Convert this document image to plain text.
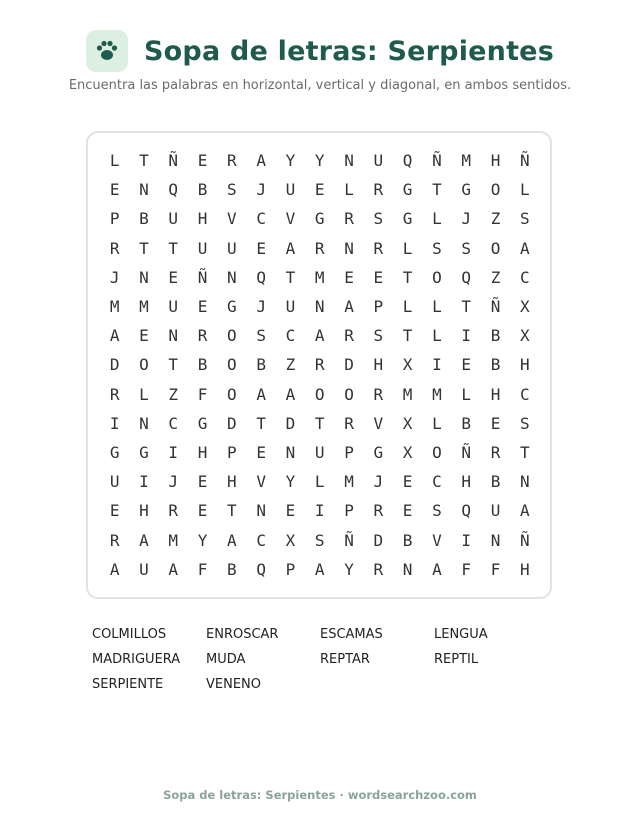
Sopa de letras: Serpientes
Encuentra las palabras en horizontal, vertical y diagonal, en ambos sentidos.
L	T	Ñ	E	R	A	Y	Y	N	U	Q	Ñ	M	H	Ñ
E	N	Q	B	S	J	U	E	L	R	G	T	G	O	L
P	B	U	H	V	C	V	G	R	S	G	L	J	Z	S
R	T	T	U	U	E	A	R	N	R	L	S	S	O	A
J	N	E	Ñ	N	Q	T	M	E	E	T	O	Q	Z	C
M	M	U	E	G	J	U	N	A	P	L	L	T	Ñ	X
A	E	N	R	O	S	C	A	R	S	T	L	I	B	X
D	O	T	B	O	B	Z	R	D	H	X	I	E	B	H
R	L	Z	F	O	A	A	O	O	R	M	M	L	H	C
I	N	C	G	D	T	D	T	R	V	X	L	B	E	S
G	G	I	H	P	E	N	U	P	G	X	O	Ñ	R	T
U	I	J	E	H	V	Y	L	M	J	E	C	H	B	N
E	H	R	E	T	N	E	I	P	R	E	S	Q	U	A
R	A	M	Y	A	C	X	S	Ñ	D	B	V	I	N	Ñ
A	U	A	F	B	Q	P	A	Y	R	N	A	F	F	H
COLMILLOS	ENROSCAR	ESCAMAS	LENGUA
MADRIGUERA	MUDA	REPTAR	REPTIL
SERPIENTE	VENENO
Sopa de letras: Serpientes · wordsearchzoo.com
